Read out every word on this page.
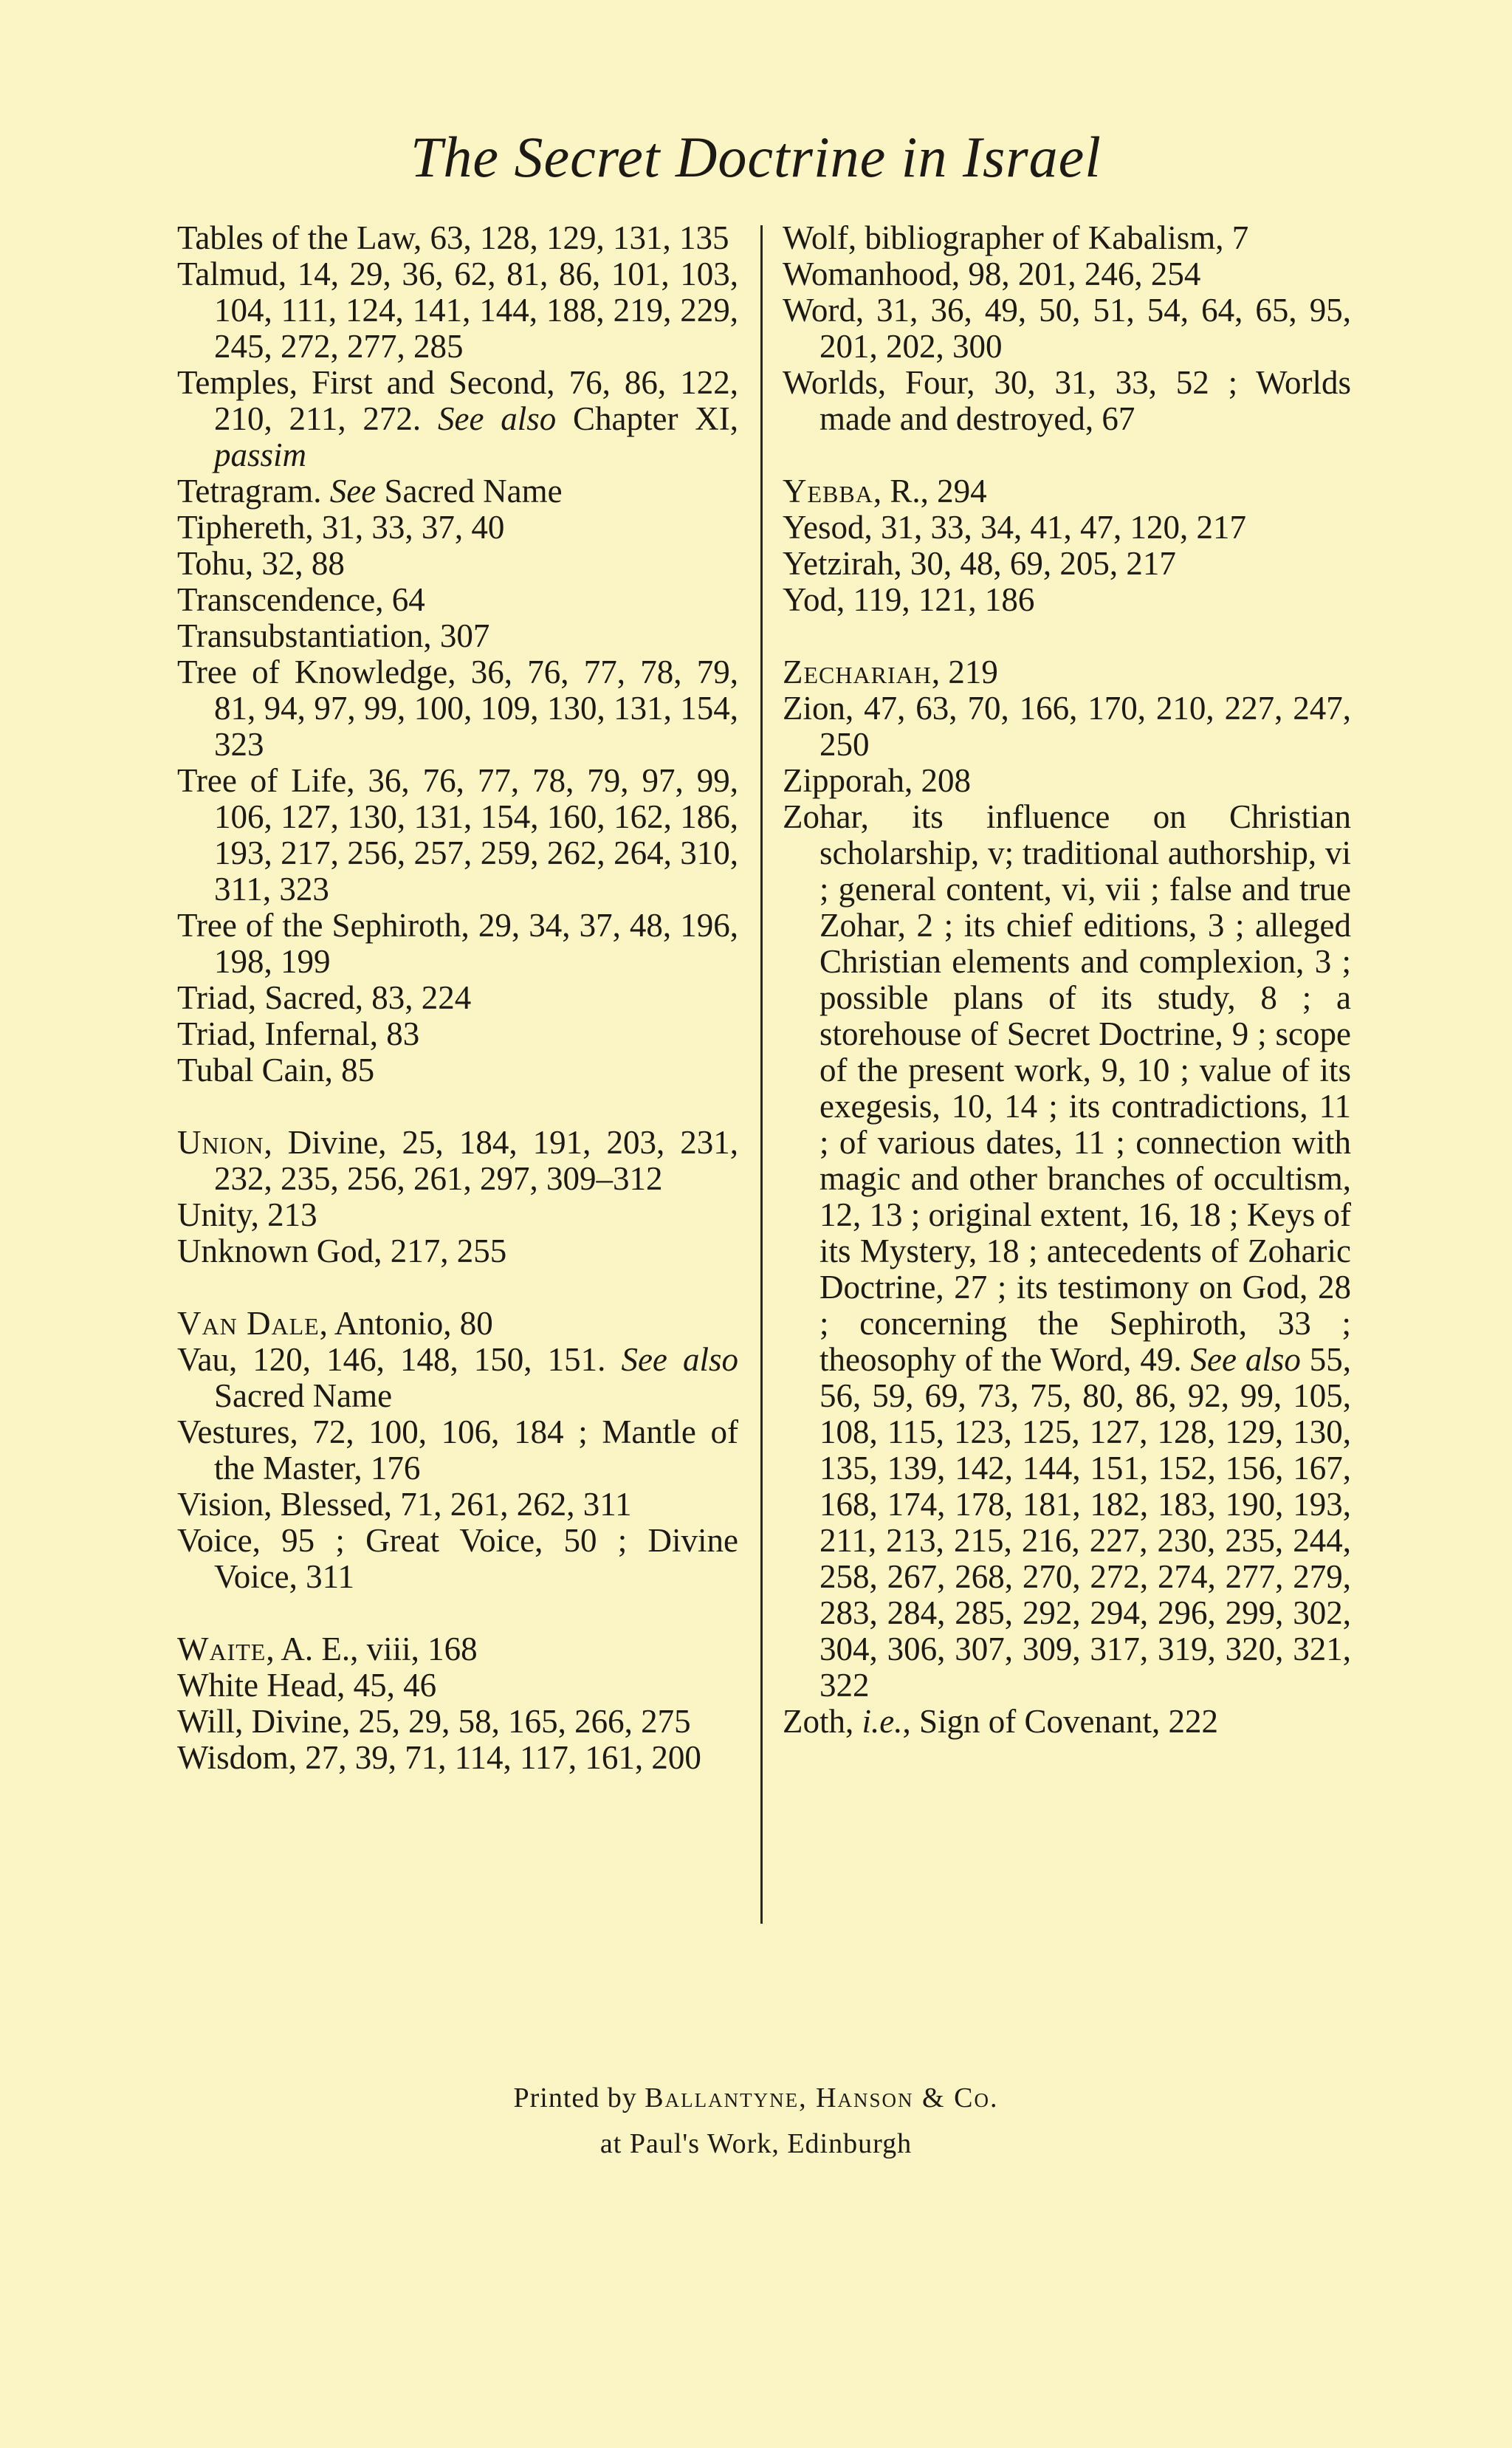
The Secret Doctrine in Israel

Tables of the Law, 63, 128, 129, 131, 135

Talmud, 14, 29, 36, 62, 81, 86, 101, 103, 104, 111, 124, 141, 144, 188, 219, 229, 245, 272, 277, 285

Temples, First and Second, 76, 86, 122, 210, 211, 272. See also Chapter XI, passim

Tetragram. See Sacred Name

Tiphereth, 31, 33, 37, 40

Tohu, 32, 88

Transcendence, 64

Transubstantiation, 307

Tree of Knowledge, 36, 76, 77, 78, 79, 81, 94, 97, 99, 100, 109, 130, 131, 154, 323

Tree of Life, 36, 76, 77, 78, 79, 97, 99, 106, 127, 130, 131, 154, 160, 162, 186, 193, 217, 256, 257, 259, 262, 264, 310, 311, 323

Tree of the Sephiroth, 29, 34, 37, 48, 196, 198, 199

Triad, Sacred, 83, 224

Triad, Infernal, 83

Tubal Cain, 85

Union, Divine, 25, 184, 191, 203, 231, 232, 235, 256, 261, 297, 309–312

Unity, 213

Unknown God, 217, 255

Van Dale, Antonio, 80

Vau, 120, 146, 148, 150, 151. See also Sacred Name

Vestures, 72, 100, 106, 184 ; Mantle of the Master, 176

Vision, Blessed, 71, 261, 262, 311

Voice, 95 ; Great Voice, 50 ; Divine Voice, 311

Waite, A. E., viii, 168

White Head, 45, 46

Will, Divine, 25, 29, 58, 165, 266, 275

Wisdom, 27, 39, 71, 114, 117, 161, 200

Wolf, bibliographer of Kabalism, 7

Womanhood, 98, 201, 246, 254

Word, 31, 36, 49, 50, 51, 54, 64, 65, 95, 201, 202, 300

Worlds, Four, 30, 31, 33, 52 ; Worlds made and destroyed, 67

Yebba, R., 294

Yesod, 31, 33, 34, 41, 47, 120, 217

Yetzirah, 30, 48, 69, 205, 217

Yod, 119, 121, 186

Zechariah, 219

Zion, 47, 63, 70, 166, 170, 210, 227, 247, 250

Zipporah, 208

Zohar, its influence on Christian scholarship, v; traditional authorship, vi ; general content, vi, vii ; false and true Zohar, 2 ; its chief editions, 3 ; alleged Christian elements and complexion, 3 ; possible plans of its study, 8 ; a storehouse of Secret Doctrine, 9 ; scope of the present work, 9, 10 ; value of its exegesis, 10, 14 ; its contradictions, 11 ; of various dates, 11 ; connection with magic and other branches of occultism, 12, 13 ; original extent, 16, 18 ; Keys of its Mystery, 18 ; antecedents of Zoharic Doctrine, 27 ; its testimony on God, 28 ; concerning the Sephiroth, 33 ; theosophy of the Word, 49. See also 55, 56, 59, 69, 73, 75, 80, 86, 92, 99, 105, 108, 115, 123, 125, 127, 128, 129, 130, 135, 139, 142, 144, 151, 152, 156, 167, 168, 174, 178, 181, 182, 183, 190, 193, 211, 213, 215, 216, 227, 230, 235, 244, 258, 267, 268, 270, 272, 274, 277, 279, 283, 284, 285, 292, 294, 296, 299, 302, 304, 306, 307, 309, 317, 319, 320, 321, 322

Zoth, i.e., Sign of Covenant, 222

Printed by Ballantyne, Hanson & Co.
at Paul's Work, Edinburgh
